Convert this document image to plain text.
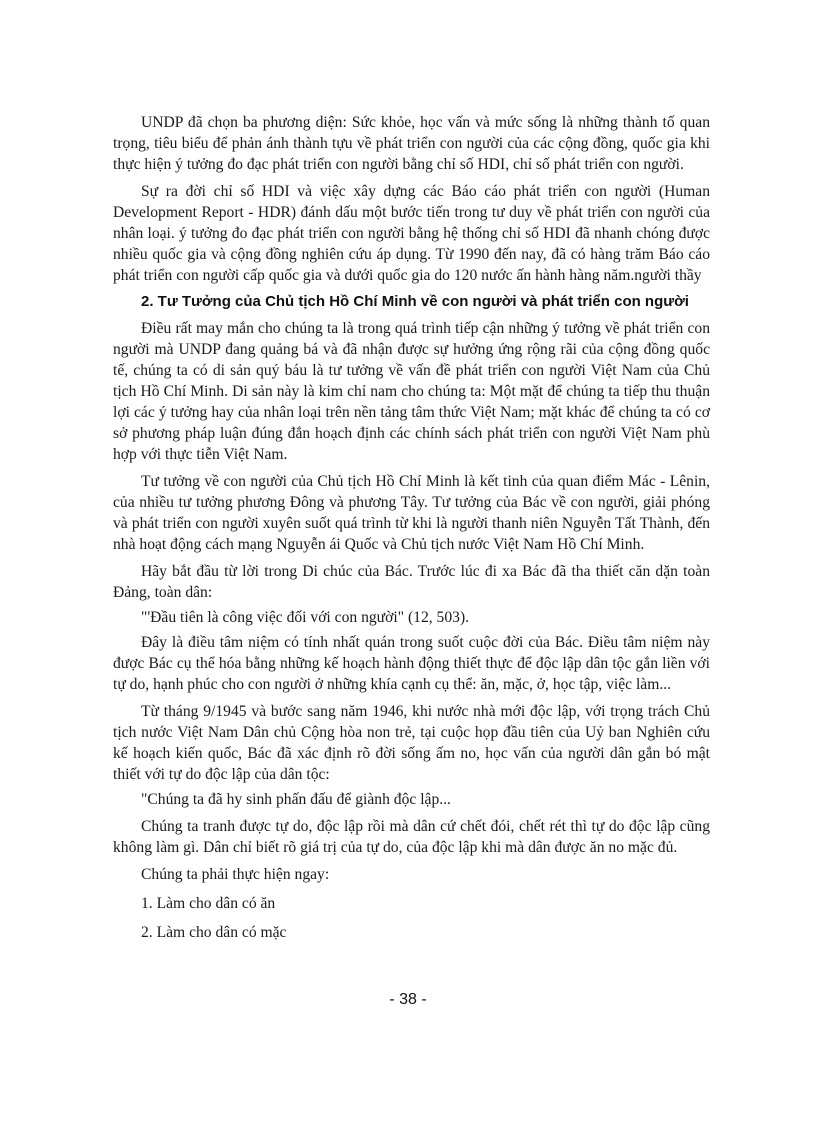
UNDP đã chọn ba phương diện: Sức khỏe, học vấn và mức sống là những thành tố quan trọng, tiêu biểu để phản ánh thành tựu về phát triển con người của các cộng đồng, quốc gia khi thực hiện ý tưởng đo đạc phát triển con người bằng chỉ số HDI, chỉ số phát triển con người.

Sự ra đời chỉ số HDI và việc xây dựng các Báo cáo phát triển con người (Human Development Report - HDR) đánh dấu một bước tiến trong tư duy về phát triển con người của nhân loại. ý tưởng đo đạc phát triển con người bằng hệ thống chỉ số HDI đã nhanh chóng được nhiều quốc gia và cộng đồng nghiên cứu áp dụng. Từ 1990 đến nay, đã có hàng trăm Báo cáo phát triển con người cấp quốc gia và dưới quốc gia do 120 nước ấn hành hàng năm.người thầy

2. Tư Tưởng của Chủ tịch Hồ Chí Minh về con người và phát triển con người

Điều rất may mắn cho chúng ta là trong quá trình tiếp cận những ý tưởng về phát triển con người mà UNDP đang quảng bá và đã nhận được sự hưởng ứng rộng rãi của cộng đồng quốc tế, chúng ta có di sản quý báu là tư tưởng về vấn đề phát triển con người Việt Nam của Chủ tịch Hồ Chí Minh. Di sản này là kim chỉ nam cho chúng ta: Một mặt để chúng ta tiếp thu thuận lợi các ý tưởng hay của nhân loại trên nền tảng tâm thức Việt Nam; mặt khác để chúng ta có cơ sở phương pháp luận đúng đắn hoạch định các chính sách phát triển con người Việt Nam phù hợp với thực tiễn Việt Nam.

Tư tưởng về con người của Chủ tịch Hồ Chí Minh là kết tinh của quan điểm Mác - Lênin, của nhiều tư tưởng phương Đông và phương Tây. Tư tưởng của Bác về con người, giải phóng và phát triển con người xuyên suốt quá trình từ khi là người thanh niên Nguyễn Tất Thành, đến nhà hoạt động cách mạng Nguyễn ái Quốc và Chủ tịch nước Việt Nam Hồ Chí Minh.

Hãy bắt đầu từ lời trong Di chúc của Bác. Trước lúc đi xa Bác đã tha thiết căn dặn toàn Đảng, toàn dân:

"'Đầu tiên là công việc đối với con người" (12, 503).

Đây là điều tâm niệm có tính nhất quán trong suốt cuộc đời của Bác. Điều tâm niệm này được Bác cụ thể hóa bằng những kế hoạch hành động thiết thực để độc lập dân tộc gắn liền với tự do, hạnh phúc cho con người ở những khía cạnh cụ thể: ăn, mặc, ở, học tập, việc làm...

Từ tháng 9/1945 và bước sang năm 1946, khi nước nhà mới độc lập, với trọng trách Chủ tịch nước Việt Nam Dân chủ Cộng hòa non trẻ, tại cuộc họp đầu tiên của Uỷ ban Nghiên cứu kế hoạch kiến quốc, Bác đã xác định rõ đời sống ấm no, học vấn của người dân gắn bó mật thiết với tự do độc lập của dân tộc:

"Chúng ta đã hy sinh phấn đấu để giành độc lập...

Chúng ta tranh được tự do, độc lập rồi mà dân cứ chết đói, chết rét thì tự do độc lập cũng không làm gì. Dân chỉ biết rõ giá trị của tự do, của độc lập khi mà dân được ăn no mặc đủ.

Chúng ta phải thực hiện ngay:

1. Làm cho dân có ăn

2. Làm cho dân có mặc

- 38 -
